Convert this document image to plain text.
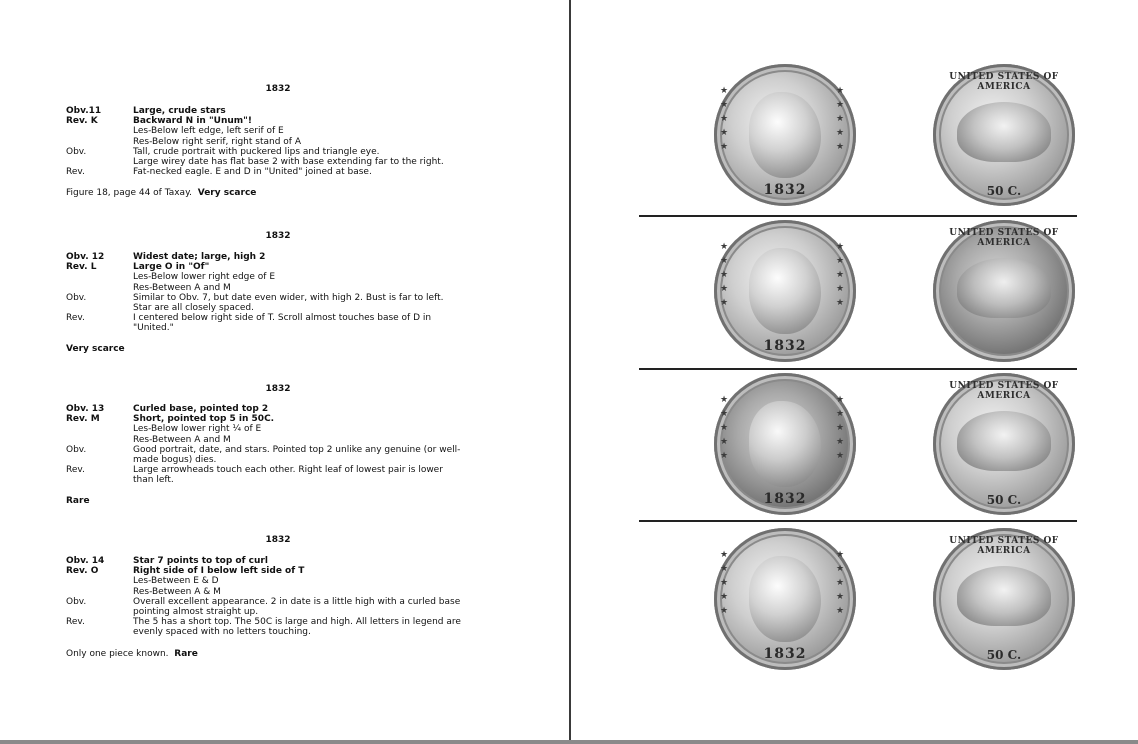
1832
Obv.11	Large, crude stars
Rev. K	Backward N in "Unum"!
Les-Below left edge, left serif of E
Res-Below right serif, right stand of A
Obv.	Tall, crude portrait with puckered lips and triangle eye.
Large wirey date has flat base 2 with base extending far to the right.
Rev.	Fat-necked eagle. E and D in "United" joined at base.
Figure 18, page 44 of Taxay. Very scarce
1832
Obv. 12	Widest date; large, high 2
Rev. L	Large O in "Of"
Les-Below lower right edge of E
Res-Between A and M
Obv.	Similar to Obv. 7, but date even wider, with high 2. Bust is far to left. Star are all closely spaced.
Rev.	I centered below right side of T. Scroll almost touches base of D in "United."
Very scarce
1832
Obv. 13	Curled base, pointed top 2
Rev. M	Short, pointed top 5 in 50C.
Les-Below lower right ¼ of E
Res-Between A and M
Obv.	Good portrait, date, and stars. Pointed top 2 unlike any genuine (or well-made bogus) dies.
Rev.	Large arrowheads touch each other. Right leaf of lowest pair is lower than left.
Rare
1832
Obv. 14	Star 7 points to top of curl
Rev. O	Right side of I below left side of T
Les-Between E & D
Res-Between A & M
Obv.	Overall excellent appearance. 2 in date is a little high with a curled base pointing almost straight up.
Rev.	The 5 has a short top. The 50C is large and high. All letters in legend are evenly spaced with no letters touching.
Only one piece known. Rare
★
★
★
★
★
★
★
★
★
★
1832
UNITED STATES OF AMERICA
50 C.
★
★
★
★
★
★
★
★
★
★
1832
UNITED STATES OF AMERICA
★
★
★
★
★
★
★
★
★
★
1832
UNITED STATES OF AMERICA
50 C.
★
★
★
★
★
★
★
★
★
★
1832
UNITED STATES OF AMERICA
50 C.
